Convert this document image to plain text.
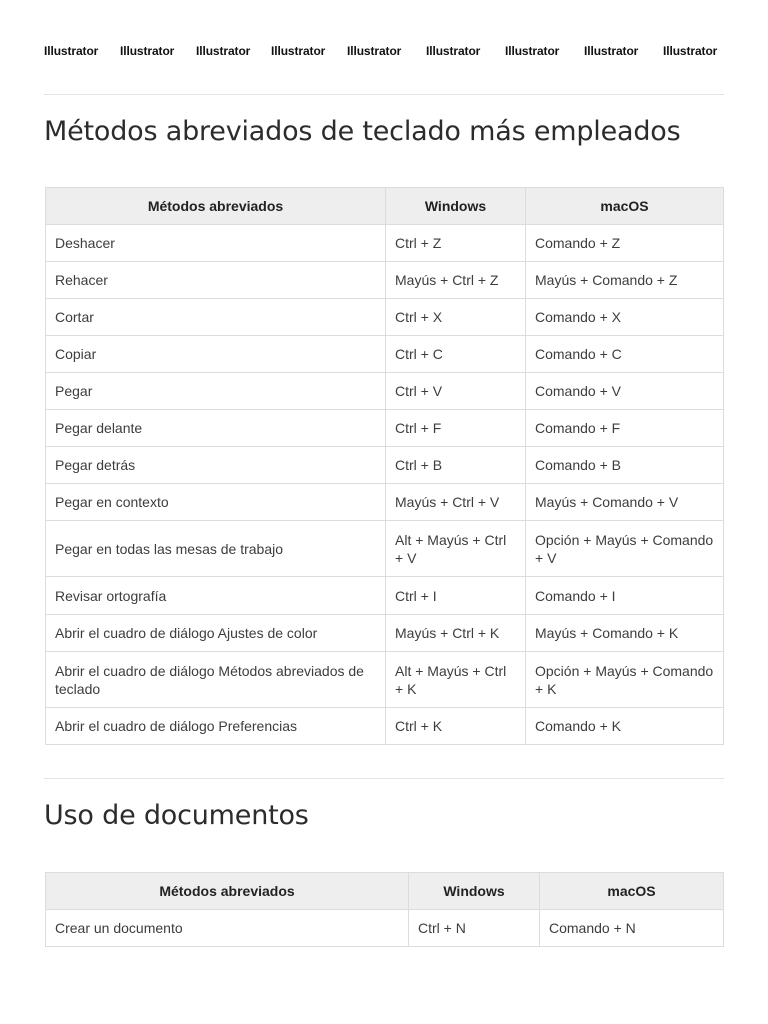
Illustrator Illustrator Illustrator Illustrator Illustrator Illustrator Illustrator Illustrator Illustrator
Métodos abreviados de teclado más empleados
Métodos abreviados	Windows	macOS
Deshacer	Ctrl + Z	Comando + Z
Rehacer	Mayús + Ctrl + Z	Mayús + Comando + Z
Cortar	Ctrl + X	Comando + X
Copiar	Ctrl + C	Comando + C
Pegar	Ctrl + V	Comando + V
Pegar delante	Ctrl + F	Comando + F
Pegar detrás	Ctrl + B	Comando + B
Pegar en contexto	Mayús + Ctrl + V	Mayús + Comando + V
Pegar en todas las mesas de trabajo	Alt + Mayús + Ctrl + V	Opción + Mayús + Comando + V
Revisar ortografía	Ctrl + I	Comando + I
Abrir el cuadro de diálogo Ajustes de color	Mayús + Ctrl + K	Mayús + Comando + K
Abrir el cuadro de diálogo Métodos abreviados de teclado	Alt + Mayús + Ctrl + K	Opción + Mayús + Comando + K
Abrir el cuadro de diálogo Preferencias	Ctrl + K	Comando + K
Uso de documentos
Métodos abreviados	Windows	macOS
Crear un documento	Ctrl + N	Comando + N
